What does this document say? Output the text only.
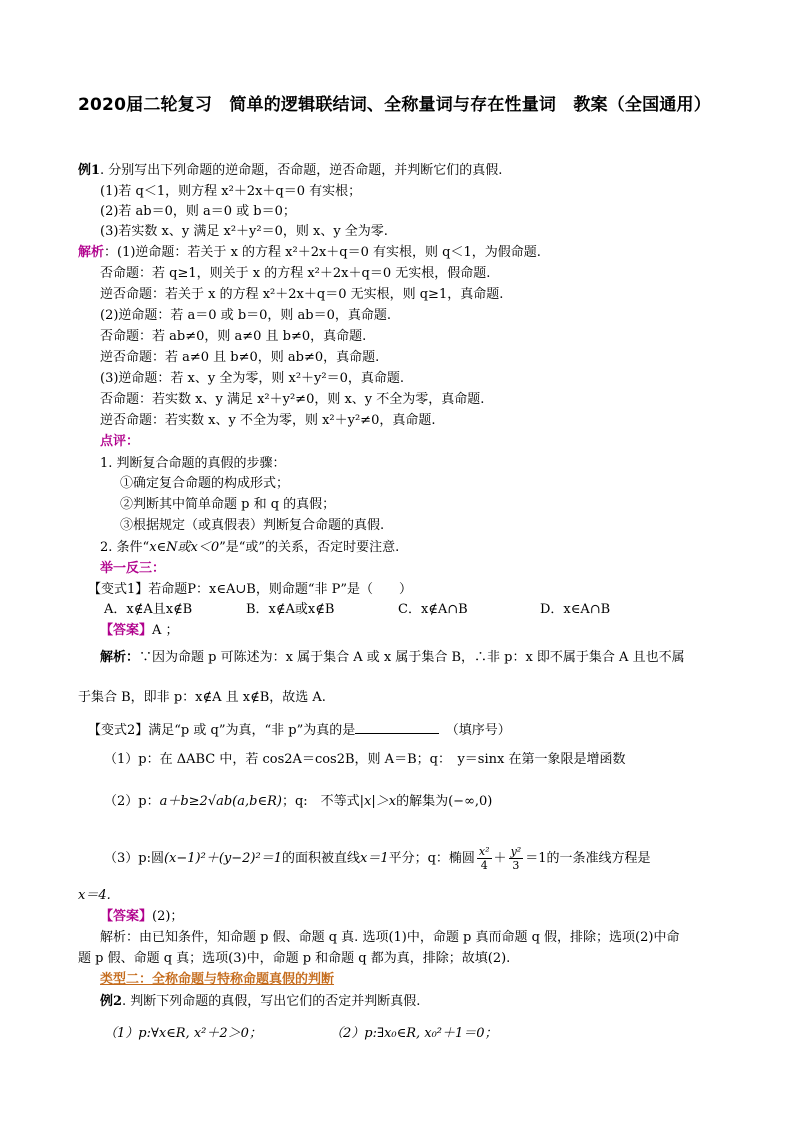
2020届二轮复习　简单的逻辑联结词、全称量词与存在性量词　教案（全国通用）
例1. 分别写出下列命题的逆命题，否命题，逆否命题，并判断它们的真假.
(1)若 q＜1，则方程 x²＋2x＋q＝0 有实根；
(2)若 ab＝0，则 a＝0 或 b＝0；
(3)若实数 x、y 满足 x²＋y²＝0，则 x、y 全为零.
解析：(1)逆命题：若关于 x 的方程 x²＋2x＋q＝0 有实根，则 q＜1，为假命题.
否命题：若 q≥1，则关于 x 的方程 x²＋2x＋q＝0 无实根，假命题.
逆否命题：若关于 x 的方程 x²＋2x＋q＝0 无实根，则 q≥1，真命题.
(2)逆命题：若 a＝0 或 b＝0，则 ab＝0，真命题.
否命题：若 ab≠0，则 a≠0 且 b≠0，真命题.
逆否命题：若 a≠0 且 b≠0，则 ab≠0，真命题.
(3)逆命题：若 x、y 全为零，则 x²＋y²＝0，真命题.
否命题：若实数 x、y 满足 x²＋y²≠0，则 x、y 不全为零，真命题.
逆否命题：若实数 x、y 不全为零，则 x²＋y²≠0，真命题.
点评：
1. 判断复合命题的真假的步骤：
①确定复合命题的构成形式；
②判断其中简单命题 p 和 q 的真假；
③根据规定（或真假表）判断复合命题的真假.
2. 条件“x∈N或x＜0”是“或”的关系，否定时要注意.
举一反三：
【变式1】若命题P：x∈A∪B，则命题“非 P”是（　　）
A．x∉A且x∉B	B．x∉A或x∉B	C．x∉A∩B	D．x∈A∩B
【答案】A ；
解析：∵因为命题 p 可陈述为：x 属于集合 A 或 x 属于集合 B，∴非 p：x 即不属于集合 A 且也不属
于集合 B，即非 p：x∉A 且 x∉B，故选 A.
【变式2】满足“p 或 q”为真，“非 p”为真的是　	（填序号）
（1）p：在 ΔABC 中，若 cos2A＝cos2B，则 A＝B；q：　y＝sinx 在第一象限是增函数
（2）p：a＋b≥2√ab(a,b∈R)；q:　不等式|x|＞x的解集为(−∞,0)
（3）p:圆(x−1)²＋(y−2)²＝1的面积被直线x＝1平分；q：椭圆 $\frac{\text{x²}}{4} + \frac{\text{y²}}{3} =1$的一条准线方程是
x＝4.
【答案】(2)；
解析：由已知条件，知命题 p 假、命题 q 真. 选项(1)中，命题 p 真而命题 q 假，排除；选项(2)中命
题 p 假、命题 q 真；选项(3)中，命题 p 和命题 q 都为真，排除；故填(2).
类型二：全称命题与特称命题真假的判断
例2. 判断下列命题的真假，写出它们的否定并判断真假.
（1）p:∀x∈R, x²＋2＞0；	（2）p:∃x₀∈R, x₀²＋1＝0；
